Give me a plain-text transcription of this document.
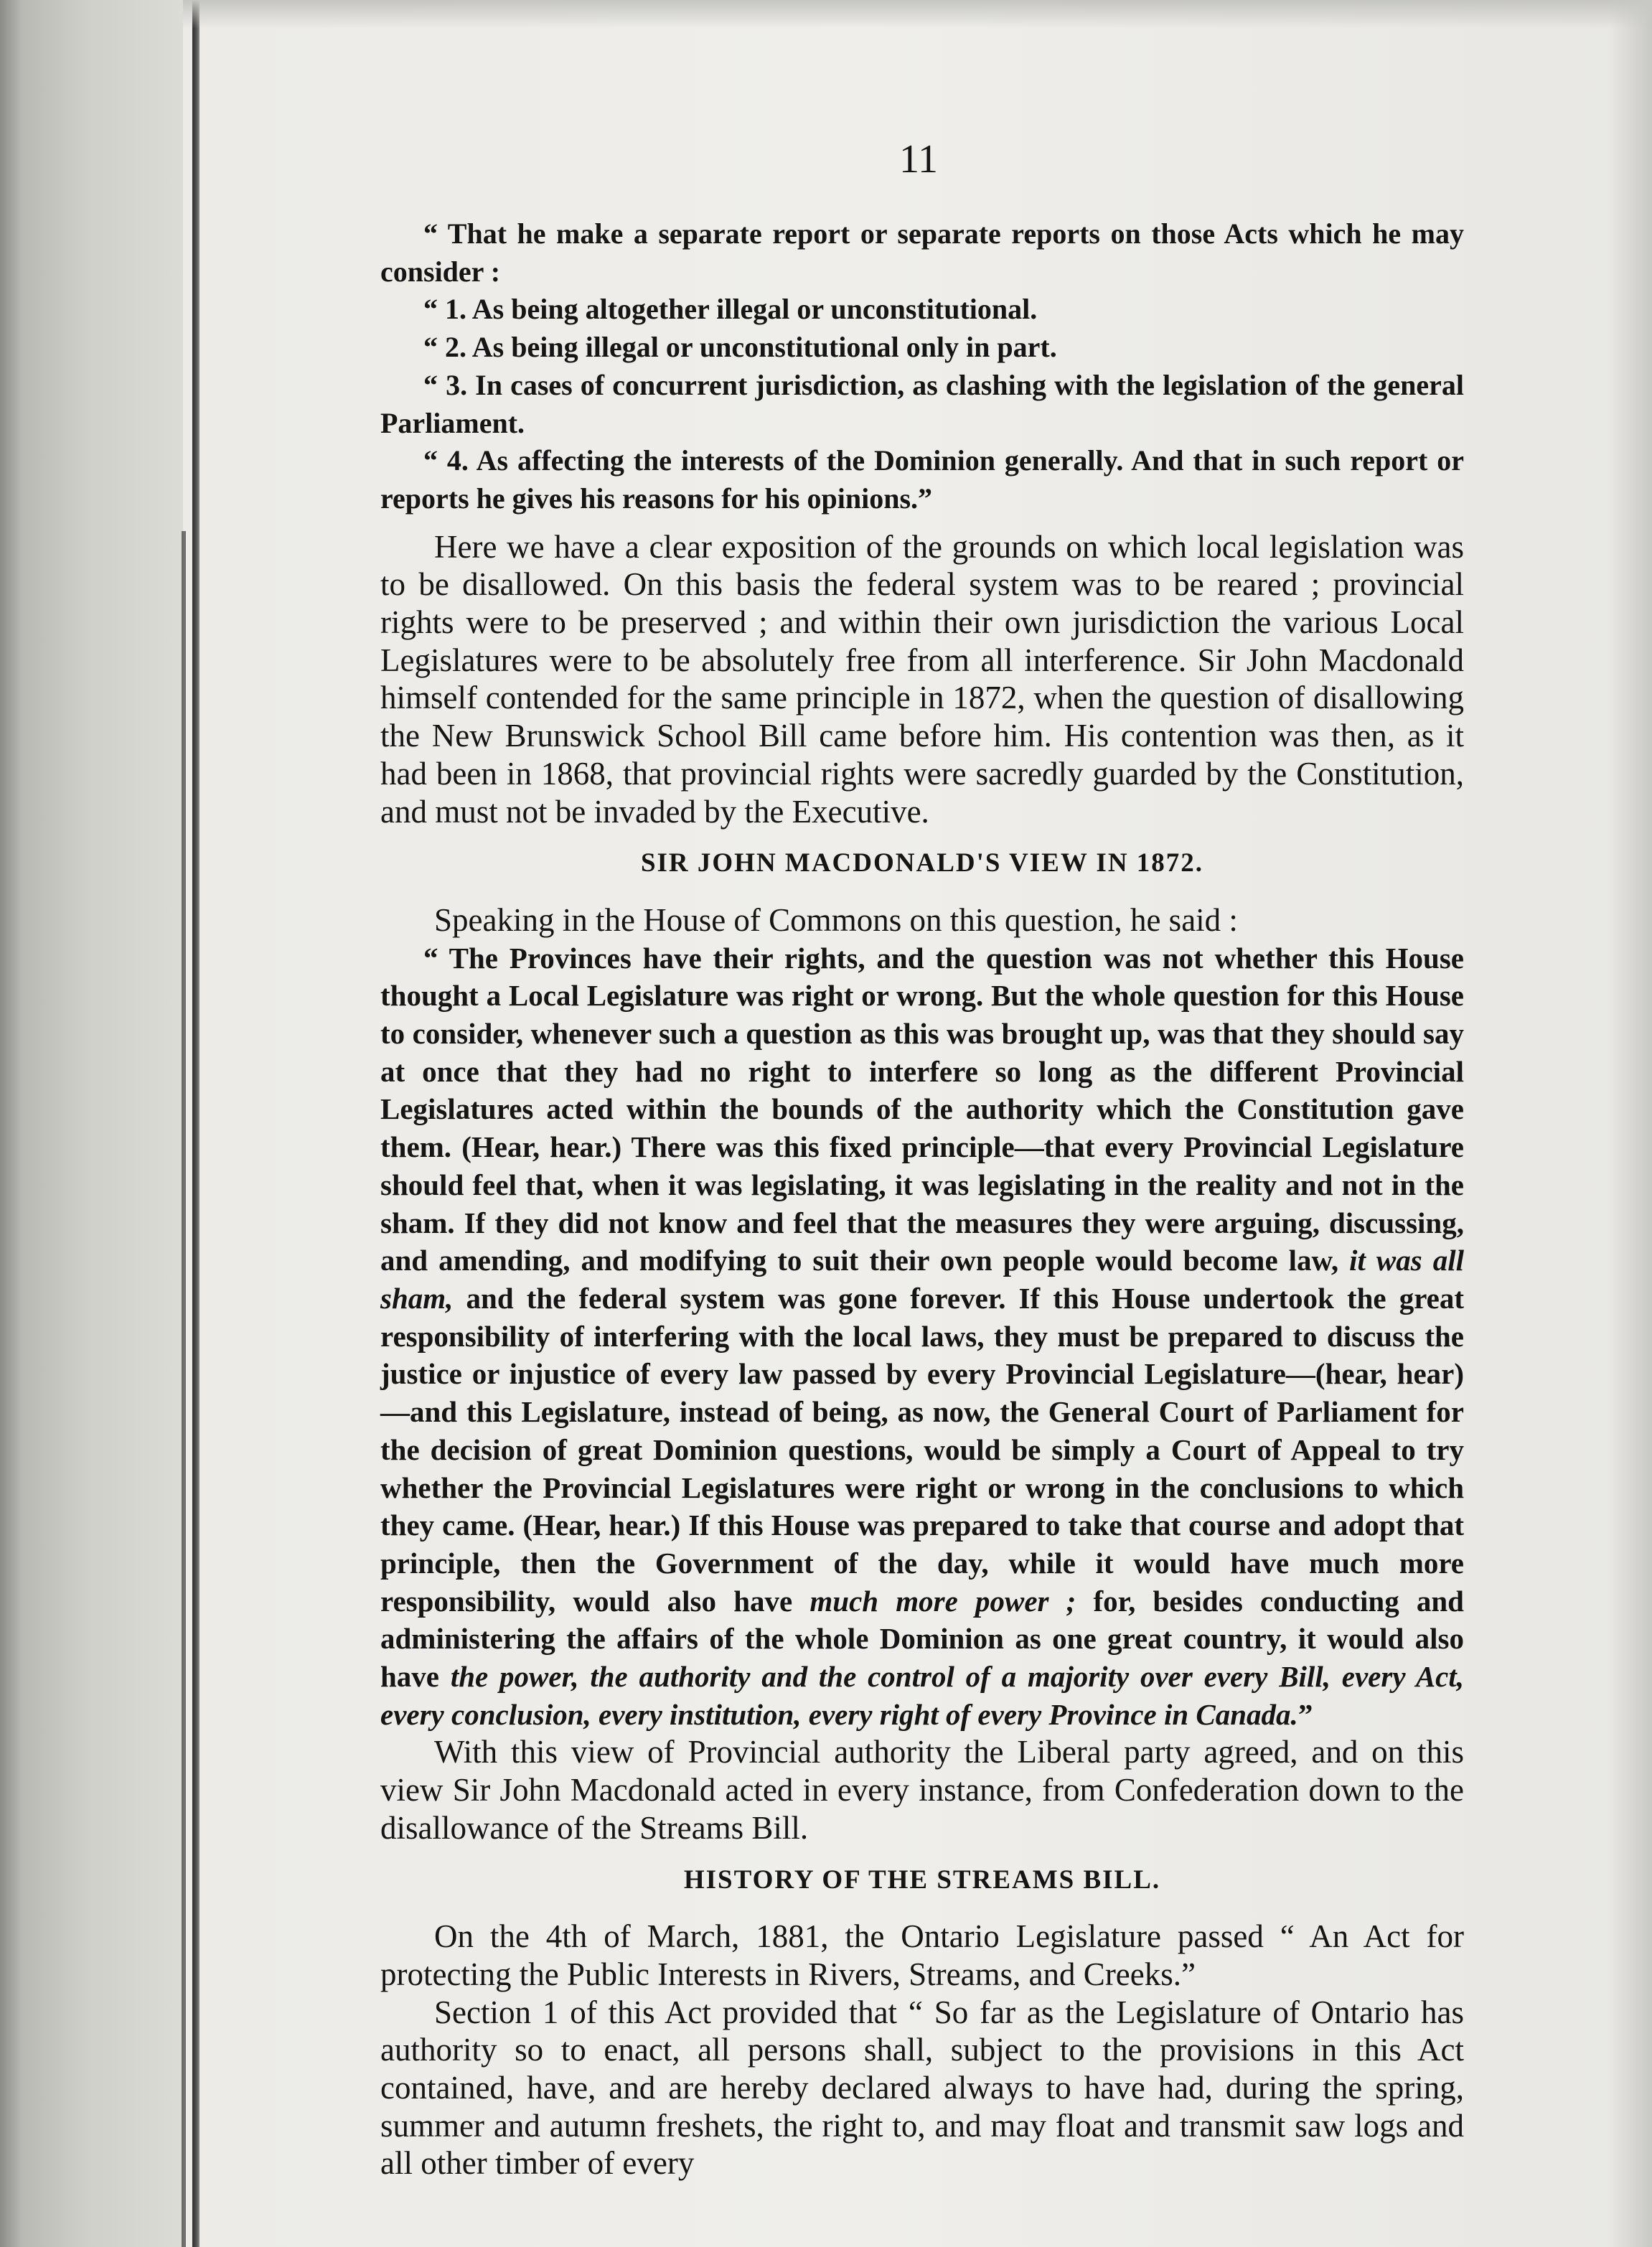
11

“ That he make a separate report or separate reports on those Acts which he may consider :

“ 1. As being altogether illegal or unconstitutional.

“ 2. As being illegal or unconstitutional only in part.

“ 3. In cases of concurrent jurisdiction, as clashing with the legislation of the general Parliament.

“ 4. As affecting the interests of the Dominion generally. And that in such report or reports he gives his reasons for his opinions.”

Here we have a clear exposition of the grounds on which local legislation was to be disallowed. On this basis the federal system was to be reared ; provincial rights were to be preserved ; and within their own jurisdiction the various Local Legislatures were to be absolutely free from all interference. Sir John Macdonald himself contended for the same principle in 1872, when the question of disallowing the New Brunswick School Bill came before him. His contention was then, as it had been in 1868, that provincial rights were sacredly guarded by the Constitution, and must not be invaded by the Executive.

SIR JOHN MACDONALD'S VIEW IN 1872.

Speaking in the House of Commons on this question, he said :

“ The Provinces have their rights, and the question was not whether this House thought a Local Legislature was right or wrong. But the whole question for this House to consider, whenever such a question as this was brought up, was that they should say at once that they had no right to interfere so long as the different Provincial Legislatures acted within the bounds of the authority which the Constitution gave them. (Hear, hear.) There was this fixed principle—that every Provincial Legislature should feel that, when it was legislating, it was legislating in the reality and not in the sham. If they did not know and feel that the measures they were arguing, discussing, and amending, and modifying to suit their own people would become law, it was all sham, and the federal system was gone forever. If this House undertook the great responsibility of interfering with the local laws, they must be prepared to discuss the justice or injustice of every law passed by every Provincial Legislature—(hear, hear)—and this Legislature, instead of being, as now, the General Court of Parliament for the decision of great Dominion questions, would be simply a Court of Appeal to try whether the Provincial Legislatures were right or wrong in the conclusions to which they came. (Hear, hear.) If this House was prepared to take that course and adopt that principle, then the Government of the day, while it would have much more responsibility, would also have much more power ; for, besides conducting and administering the affairs of the whole Dominion as one great country, it would also have the power, the authority and the control of a majority over every Bill, every Act, every conclusion, every institution, every right of every Province in Canada.”

With this view of Provincial authority the Liberal party agreed, and on this view Sir John Macdonald acted in every instance, from Confederation down to the disallowance of the Streams Bill.

HISTORY OF THE STREAMS BILL.

On the 4th of March, 1881, the Ontario Legislature passed “ An Act for protecting the Public Interests in Rivers, Streams, and Creeks.”

Section 1 of this Act provided that “ So far as the Legislature of Ontario has authority so to enact, all persons shall, subject to the provisions in this Act contained, have, and are hereby declared always to have had, during the spring, summer and autumn freshets, the right to, and may float and transmit saw logs and all other timber of every
